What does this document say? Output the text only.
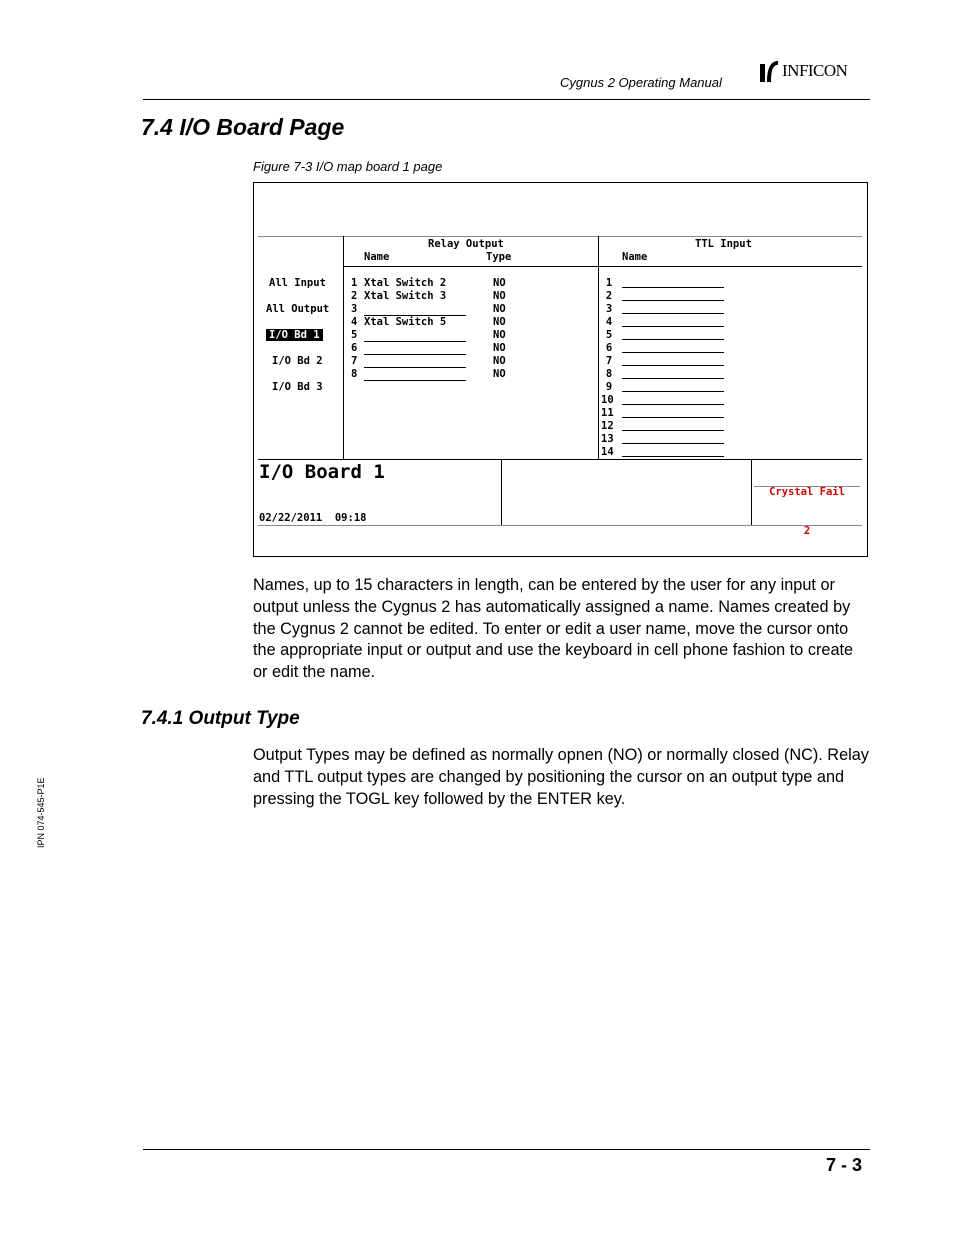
Cygnus 2 Operating Manual
INFICON
7.4 I/O Board Page
Figure 7-3 I/O map board 1 page
All Input
All Output
I/O Bd 1
I/O Bd 2
I/O Bd 3
Relay Output
Name	Type
1 Xtal Switch 2	NO
2 Xtal Switch 3	NO
3	NO
4 Xtal Switch 5	NO
5	NO
6	NO
7	NO
8	NO
TTL Input
Name
1
2
3
4
5
6
7
8
9
10
11
12
13
14
I/O Board 1
02/22/2011  09:18

Crystal Fail

2

Names, up to 15 characters in length, can be entered by the user for any input or output unless the Cygnus 2 has automatically assigned a name. Names created by the Cygnus 2 cannot be edited. To enter or edit a user name, move the cursor onto the appropriate input or output and use the keyboard in cell phone fashion to create or edit the name.
7.4.1 Output Type
Output Types may be defined as normally opnen (NO) or normally closed (NC). Relay and TTL output types are changed by positioning the cursor on an output type and pressing the TOGL key followed by the ENTER key.
IPN 074-545-P1E
7 - 3
